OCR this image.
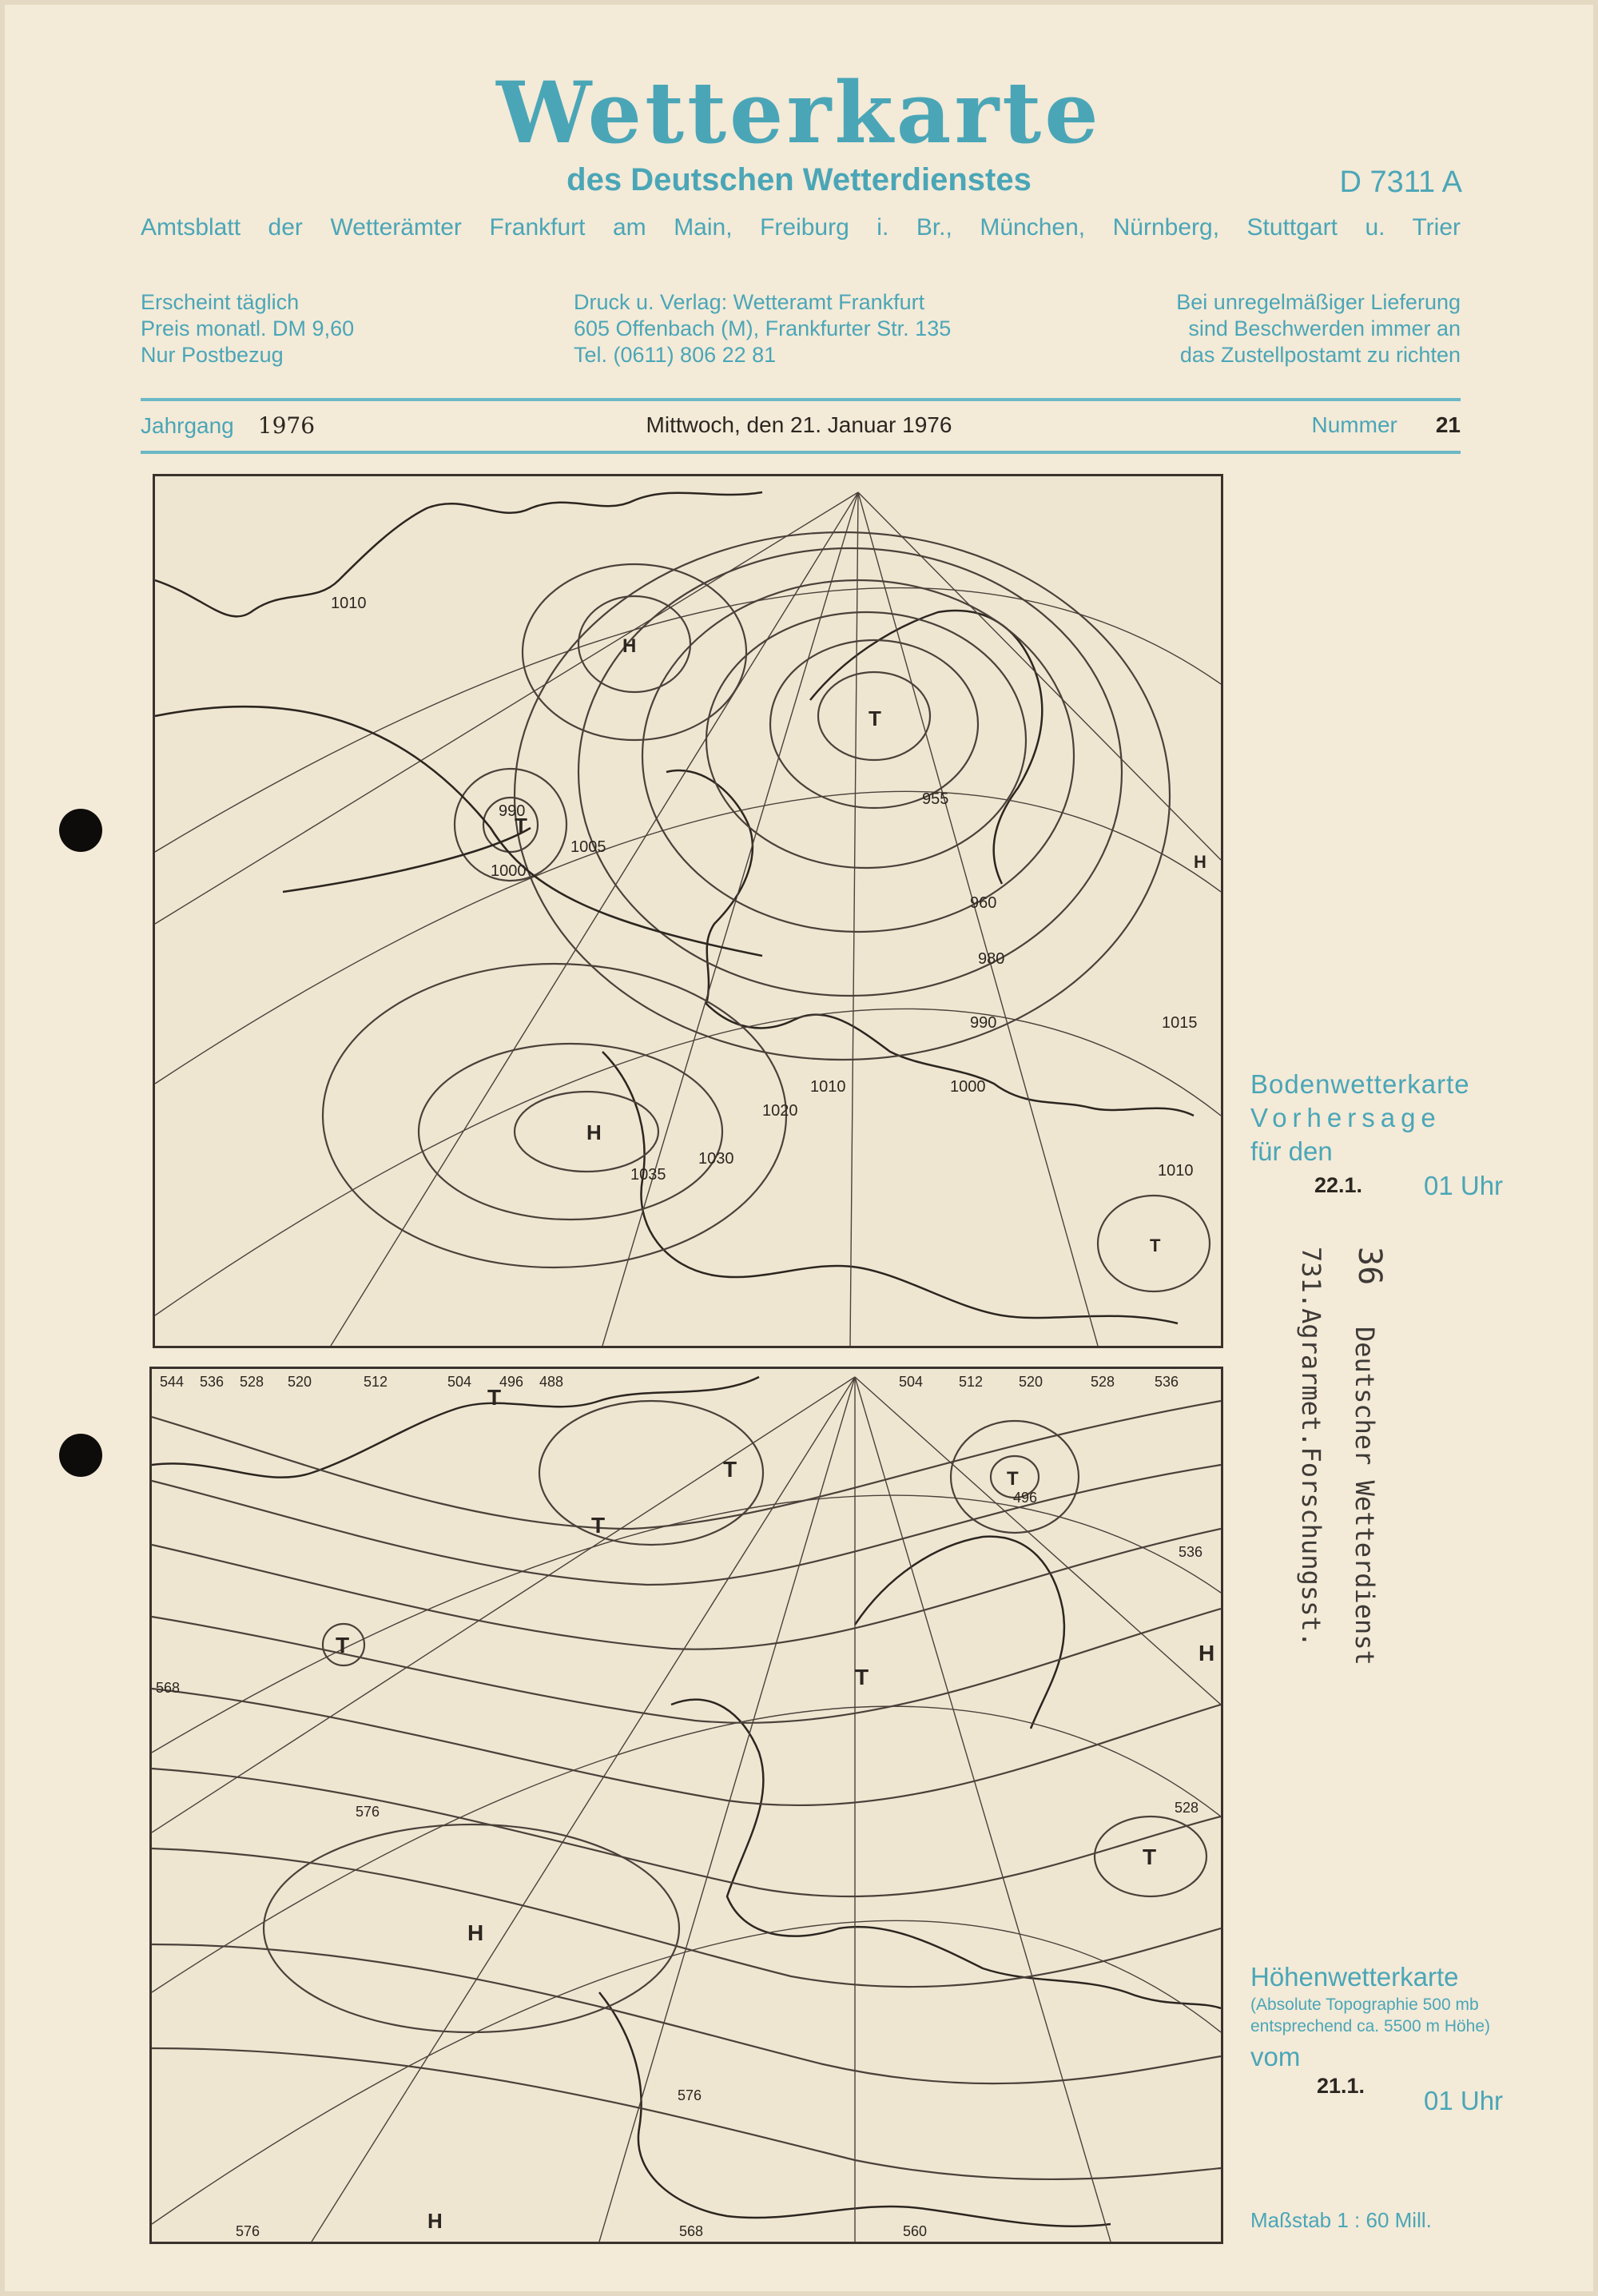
Wetterkarte
des Deutschen Wetterdienstes	D 7311 A
Amtsblatt der Wetterämter Frankfurt am Main, Freiburg i. Br., München, Nürnberg, Stuttgart u. Trier
Erscheint täglich
Preis monatl. DM 9,60
Nur Postbezug
Druck u. Verlag: Wetteramt Frankfurt
605 Offenbach (M), Frankfurter Str. 135
Tel. (0611) 806 22 81
Bei unregelmäßiger Lieferung
sind Beschwerden immer an
das Zustellpostamt zu richten
Jahrgang 1976	Mittwoch, den 21. Januar 1976	Nummer 21
T
990
T
955
H
1035
H
H
T
1000
1005
960
980
990
1000
1010
1020
1030
1015
1010
1010
T
T
T
T
T
T
T
H
H
H
544 536 528 520	512	504 496 488	504 512 520	528	536
576
568
560
536
528
496
576
568
576
Bodenwetterkarte
Vorhersage
für den
22.1. 01 Uhr
Höhenwetterkarte
(Absolute Topographie 500 mb
entsprechend ca. 5500 m Höhe)
vom
21.1. 01 Uhr
Maßstab 1 : 60 Mill.
36
731.Agrarmet.Forschungsst. Deutscher Wetterdienst
